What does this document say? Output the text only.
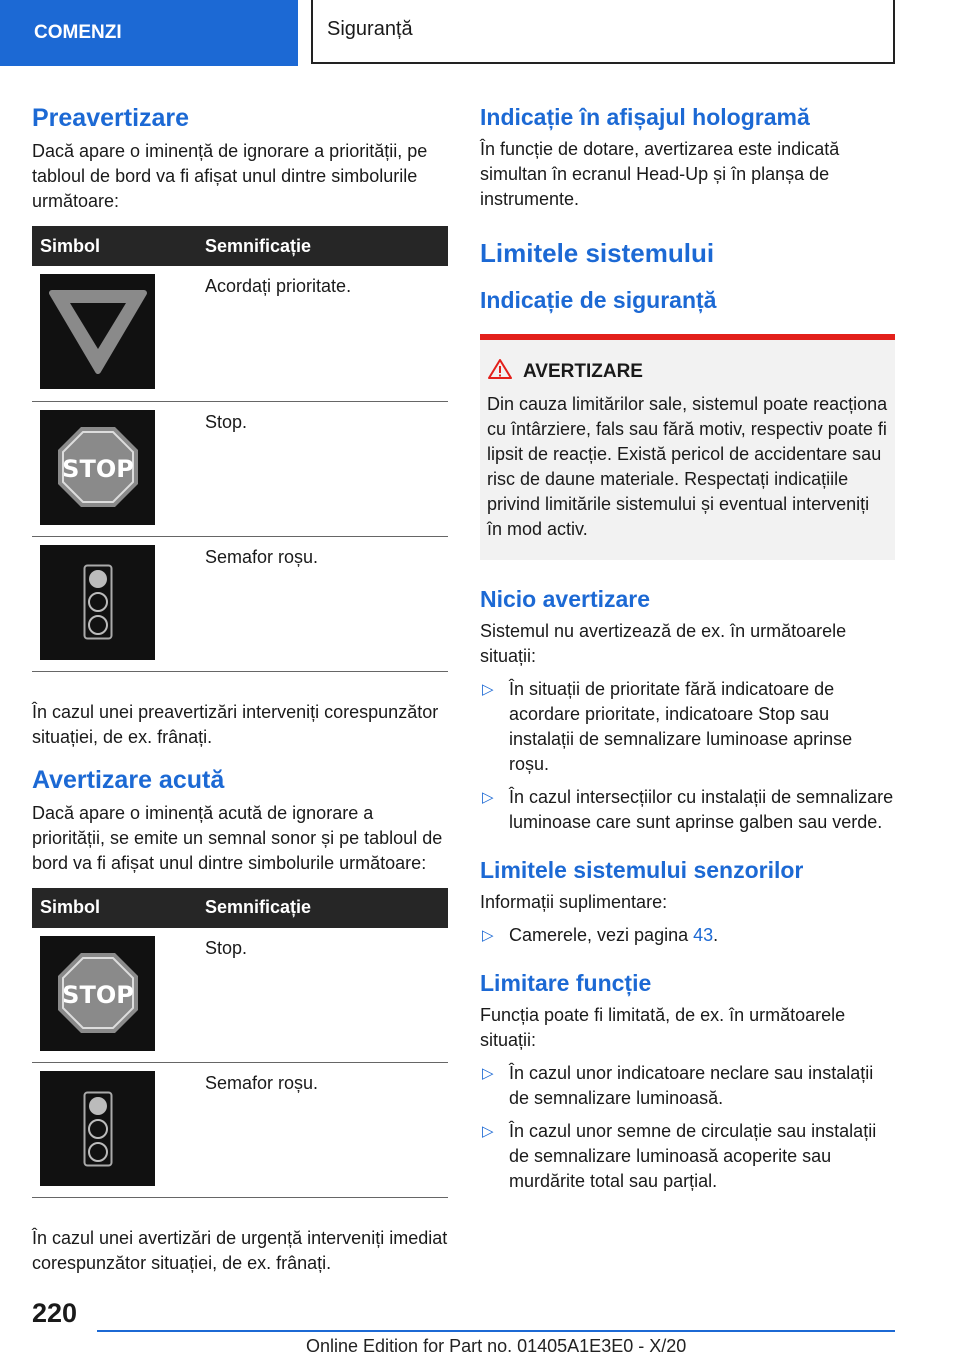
COMENZI	Siguranță
Preavertizare

Dacă apare o iminență de ignorare a priorității, pe tabloul de bord va fi afișat unul dintre simbolurile următoare:

Simbol	Semnificație

	Acordați prioritate.

STOP	Stop.

	Semafor roșu.

În cazul unei preavertizări interveniți corespunzător situației, de ex. frânați.

Avertizare acută

Dacă apare o iminență acută de ignorare a priorității, se emite un semnal sonor și pe tabloul de bord va fi afișat unul dintre simbolurile următoare:

Simbol	Semnificație

STOP	Stop.

	Semafor roșu.

În cazul unei avertizări de urgență interveniți imediat corespunzător situației, de ex. frânați.

Indicație în afișajul hologramă

În funcție de dotare, avertizarea este indicată simultan în ecranul Head-Up și în planșa de instrumente.

Limitele sistemului
Indicație de siguranță
AVERTIZARE

Din cauza limitărilor sale, sistemul poate reacționa cu întârziere, fals sau fără motiv, respectiv poate fi lipsit de reacție. Există pericol de accidentare sau risc de daune materiale. Respectați indicațiile privind limitările sistemului și eventual interveniți în mod activ.

Nicio avertizare

Sistemul nu avertizează de ex. în următoarele situații:

▷ În situații de prioritate fără indicatoare de acordare prioritate, indicatoare Stop sau instalații de semnalizare luminoase aprinse roșu.
▷ În cazul intersecțiilor cu instalații de semnalizare luminoase care sunt aprinse galben sau verde.
Limitele sistemului senzorilor

Informații suplimentare:

▷ Camerele, vezi pagina 43.
Limitare funcție

Funcția poate fi limitată, de ex. în următoarele situații:

▷ În cazul unor indicatoare neclare sau instalații de semnalizare luminoasă.
▷ În cazul unor semne de circulație sau instalații de semnalizare luminoasă acoperite sau murdărite total sau parțial.
220
Online Edition for Part no. 01405A1E3E0 - X/20
